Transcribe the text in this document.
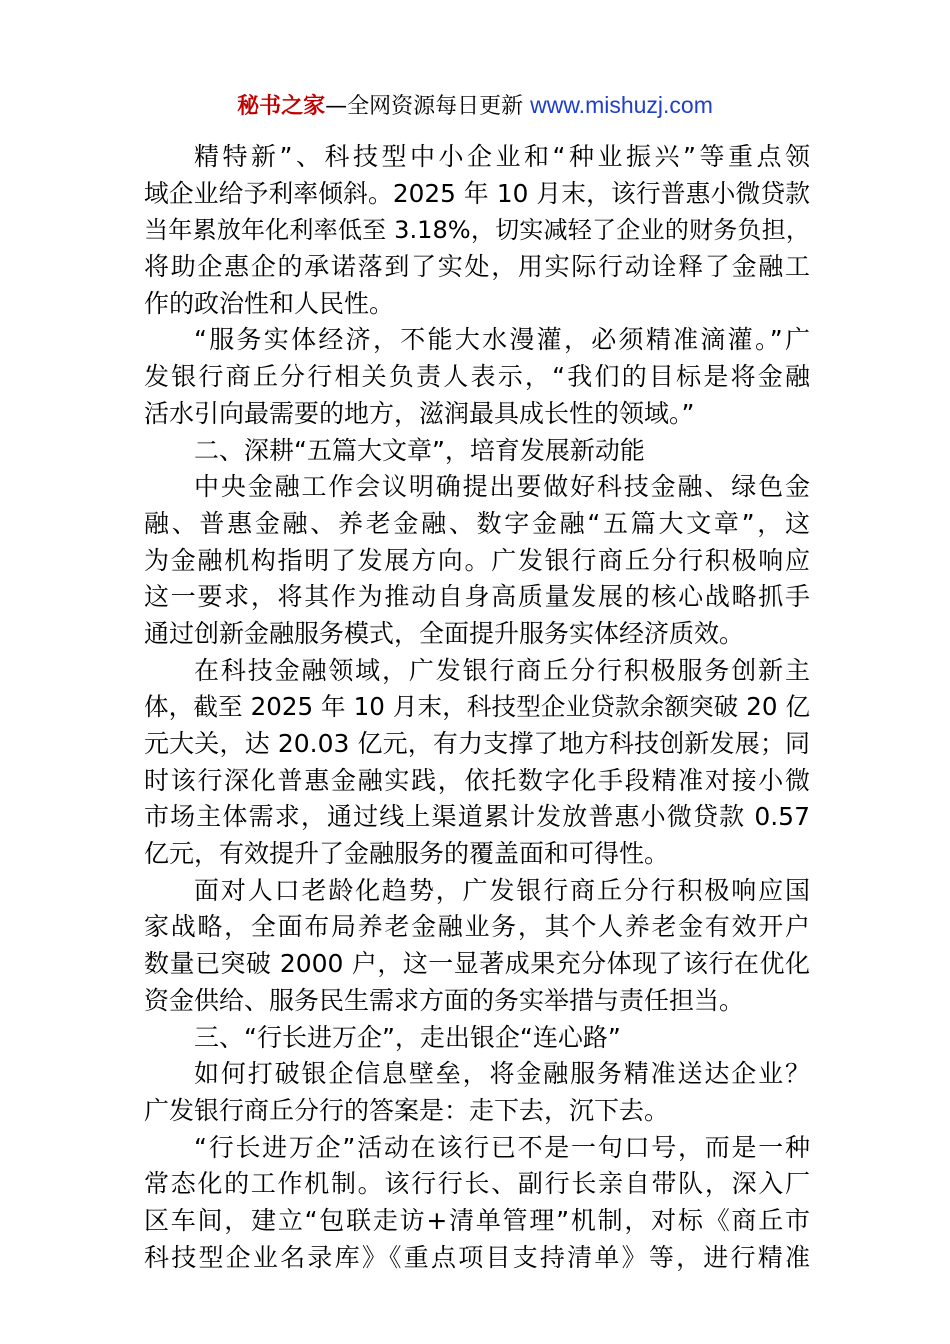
秘书之家—全网资源每日更新 www.mishuzj.com
精特新”、科技型中小企业和“种业振兴”等重点领
域企业给予利率倾斜。2025 年 10 月末，该行普惠小微贷款
当年累放年化利率低至 3.18%，切实减轻了企业的财务负担，
将助企惠企的承诺落到了实处，用实际行动诠释了金融工
作的政治性和人民性。
“服务实体经济，不能大水漫灌，必须精准滴灌。”广
发银行商丘分行相关负责人表示，“我们的目标是将金融
活水引向最需要的地方，滋润最具成长性的领域。”
二、深耕“五篇大文章”，培育发展新动能
中央金融工作会议明确提出要做好科技金融、绿色金
融、普惠金融、养老金融、数字金融“五篇大文章”，这
为金融机构指明了发展方向。广发银行商丘分行积极响应
这一要求，将其作为推动自身高质量发展的核心战略抓手
通过创新金融服务模式，全面提升服务实体经济质效。
在科技金融领域，广发银行商丘分行积极服务创新主
体，截至 2025 年 10 月末，科技型企业贷款余额突破 20 亿
元大关，达 20.03 亿元，有力支撑了地方科技创新发展；同
时该行深化普惠金融实践，依托数字化手段精准对接小微
市场主体需求，通过线上渠道累计发放普惠小微贷款 0.57
亿元，有效提升了金融服务的覆盖面和可得性。
面对人口老龄化趋势，广发银行商丘分行积极响应国
家战略，全面布局养老金融业务，其个人养老金有效开户
数量已突破 2000 户，这一显著成果充分体现了该行在优化
资金供给、服务民生需求方面的务实举措与责任担当。
三、“行长进万企”，走出银企“连心路”
如何打破银企信息壁垒，将金融服务精准送达企业？
广发银行商丘分行的答案是：走下去，沉下去。
“行长进万企”活动在该行已不是一句口号，而是一种
常态化的工作机制。该行行长、副行长亲自带队，深入厂
区车间，建立“包联走访+清单管理”机制，对标《商丘市
科技型企业名录库》《重点项目支持清单》等，进行精准
